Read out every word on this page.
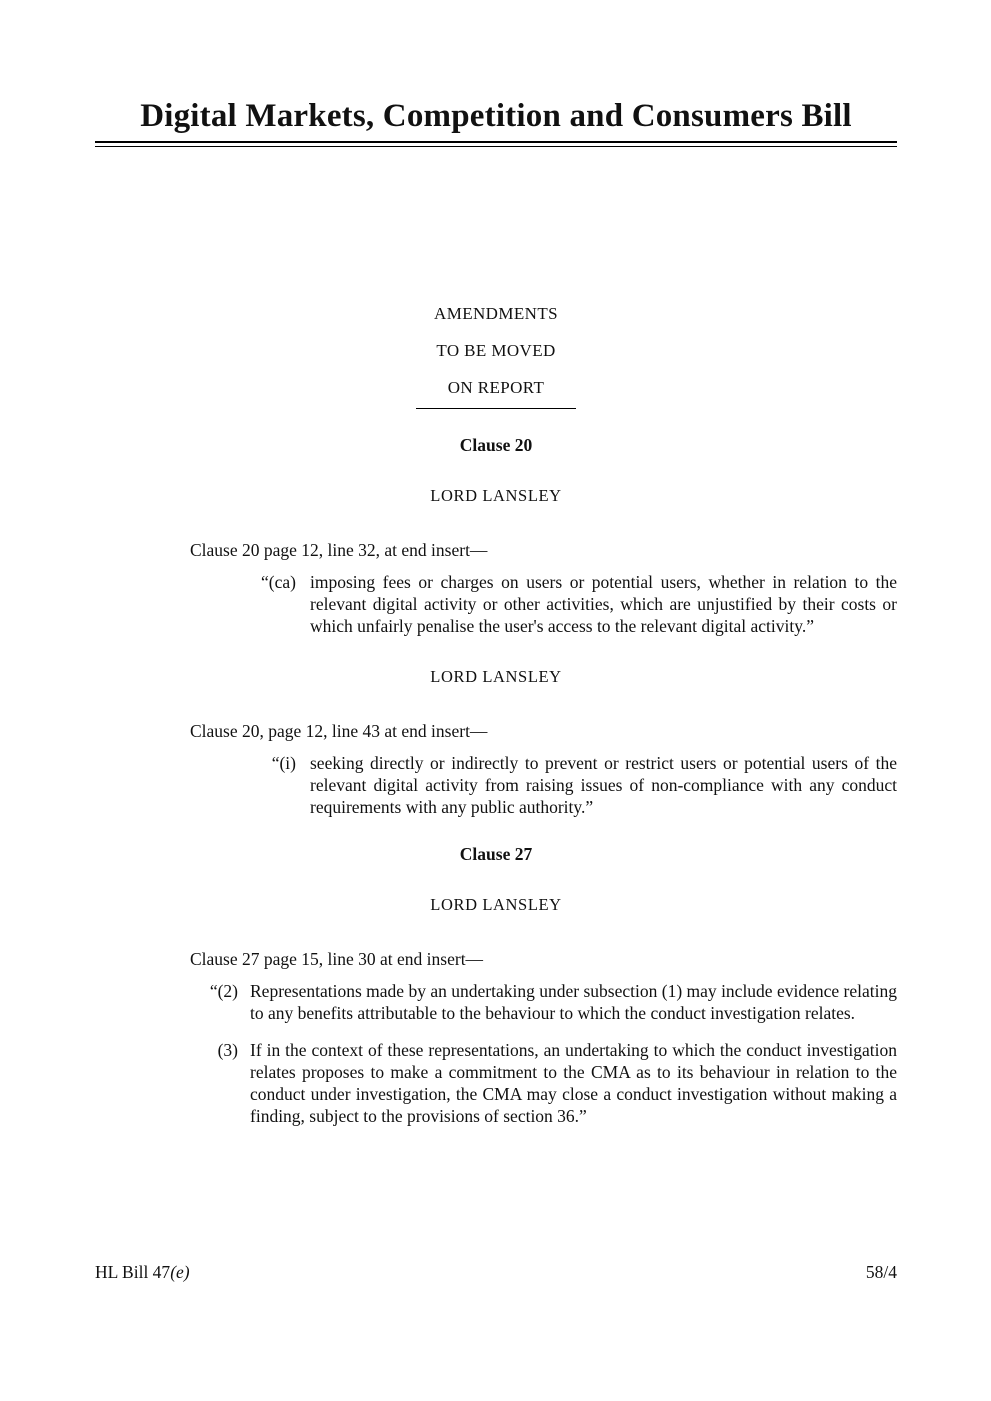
Digital Markets, Competition and Consumers Bill
AMENDMENTS
TO BE MOVED
ON REPORT
Clause 20
LORD LANSLEY

Clause 20 page 12, line 32, at end insert—

“(ca) imposing fees or charges on users or potential users, whether in relation to the relevant digital activity or other activities, which are unjustified by their costs or which unfairly penalise the user's access to the relevant digital activity.”
LORD LANSLEY

Clause 20, page 12, line 43 at end insert—

“(i) seeking directly or indirectly to prevent or restrict users or potential users of the relevant digital activity from raising issues of non-compliance with any conduct requirements with any public authority.”
Clause 27
LORD LANSLEY

Clause 27 page 15, line 30 at end insert—

“(2) Representations made by an undertaking under subsection (1) may include evidence relating to any benefits attributable to the behaviour to which the conduct investigation relates.
(3) If in the context of these representations, an undertaking to which the conduct investigation relates proposes to make a commitment to the CMA as to its behaviour in relation to the conduct under investigation, the CMA may close a conduct investigation without making a finding, subject to the provisions of section 36.”
HL Bill 47(e)	58/4
